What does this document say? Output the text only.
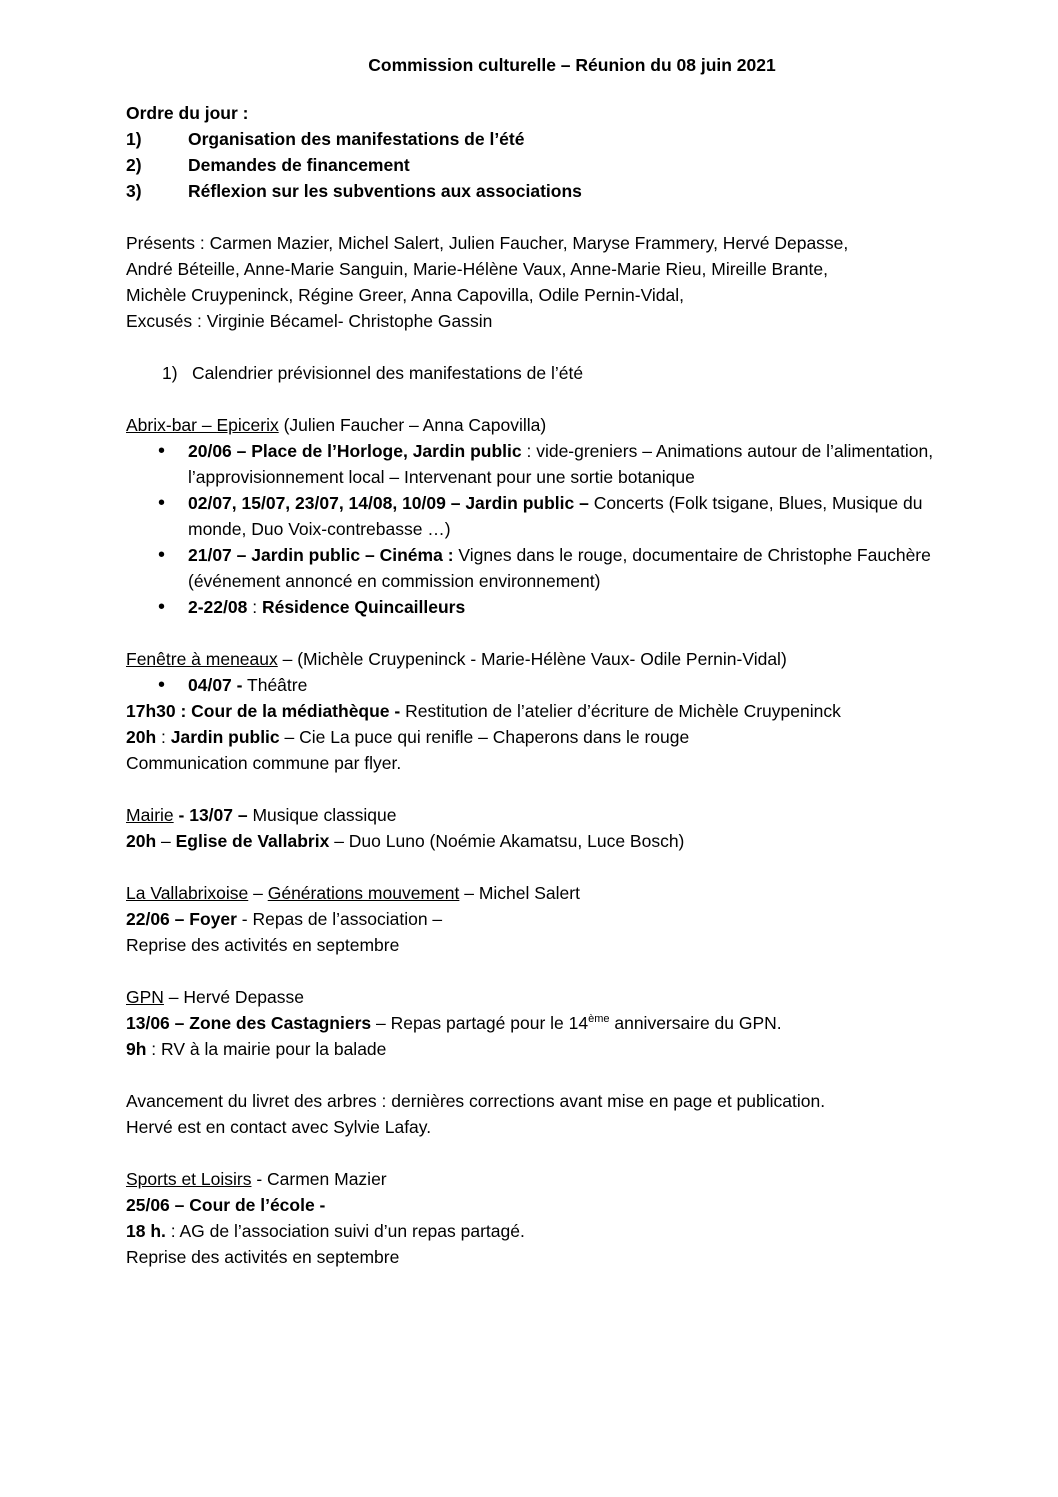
Commission culturelle – Réunion du 08 juin 2021
Ordre du jour :
1)	Organisation des manifestations de l’été
2)	Demandes de financement
3)	Réflexion sur les subventions aux associations
Présents : Carmen Mazier, Michel Salert, Julien Faucher, Maryse Frammery, Hervé Depasse,
André Béteille, Anne-Marie Sanguin, Marie-Hélène Vaux, Anne-Marie Rieu, Mireille Brante,
Michèle Cruypeninck, Régine Greer, Anna Capovilla, Odile Pernin-Vidal,
Excusés : Virginie Bécamel- Christophe Gassin
1) Calendrier prévisionnel des manifestations de l’été
Abrix-bar – Epicerix (Julien Faucher – Anna Capovilla)
• 20/06 – Place de l’Horloge, Jardin public : vide-greniers – Animations autour de l’alimentation, l’approvisionnement local – Intervenant pour une sortie botanique
• 02/07, 15/07, 23/07, 14/08, 10/09 – Jardin public – Concerts (Folk tsigane, Blues, Musique du monde, Duo Voix-contrebasse …)
• 21/07 – Jardin public – Cinéma : Vignes dans le rouge, documentaire de Christophe Fauchère (événement annoncé en commission environnement)
• 2-22/08 : Résidence Quincailleurs
Fenêtre à meneaux – (Michèle Cruypeninck - Marie-Hélène Vaux- Odile Pernin-Vidal)
• 04/07 - Théâtre
17h30 : Cour de la médiathèque - Restitution de l’atelier d’écriture de Michèle Cruypeninck
20h : Jardin public – Cie La puce qui renifle – Chaperons dans le rouge
Communication commune par flyer.
Mairie - 13/07 – Musique classique
20h – Eglise de Vallabrix – Duo Luno (Noémie Akamatsu, Luce Bosch)
La Vallabrixoise – Générations mouvement – Michel Salert
22/06 – Foyer - Repas de l’association –
Reprise des activités en septembre
GPN – Hervé Depasse
13/06 – Zone des Castagniers – Repas partagé pour le 14ème anniversaire du GPN.
9h : RV à la mairie pour la balade
Avancement du livret des arbres : dernières corrections avant mise en page et publication.
Hervé est en contact avec Sylvie Lafay.
Sports et Loisirs - Carmen Mazier
25/06 – Cour de l’école -
18 h. : AG de l’association suivi d’un repas partagé.
Reprise des activités en septembre
